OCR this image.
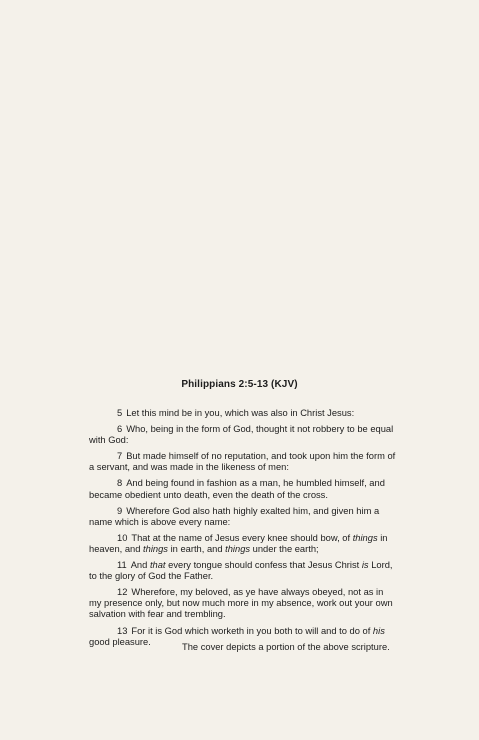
Philippians 2:5-13 (KJV)

5 Let this mind be in you, which was also in Christ Jesus:

6 Who, being in the form of God, thought it not robbery to be equal with God:

7 But made himself of no reputation, and took upon him the form of a servant, and was made in the likeness of men:

8 And being found in fashion as a man, he humbled himself, and became obedient unto death, even the death of the cross.

9 Wherefore God also hath highly exalted him, and given him a name which is above every name:

10 That at the name of Jesus every knee should bow, of things in heaven, and things in earth, and things under the earth;

11 And that every tongue should confess that Jesus Christ is Lord, to the glory of God the Father.

12 Wherefore, my beloved, as ye have always obeyed, not as in my presence only, but now much more in my absence, work out your own salvation with fear and trembling.

13 For it is God which worketh in you both to will and to do of his good pleasure.

The cover depicts a portion of the above scripture.
